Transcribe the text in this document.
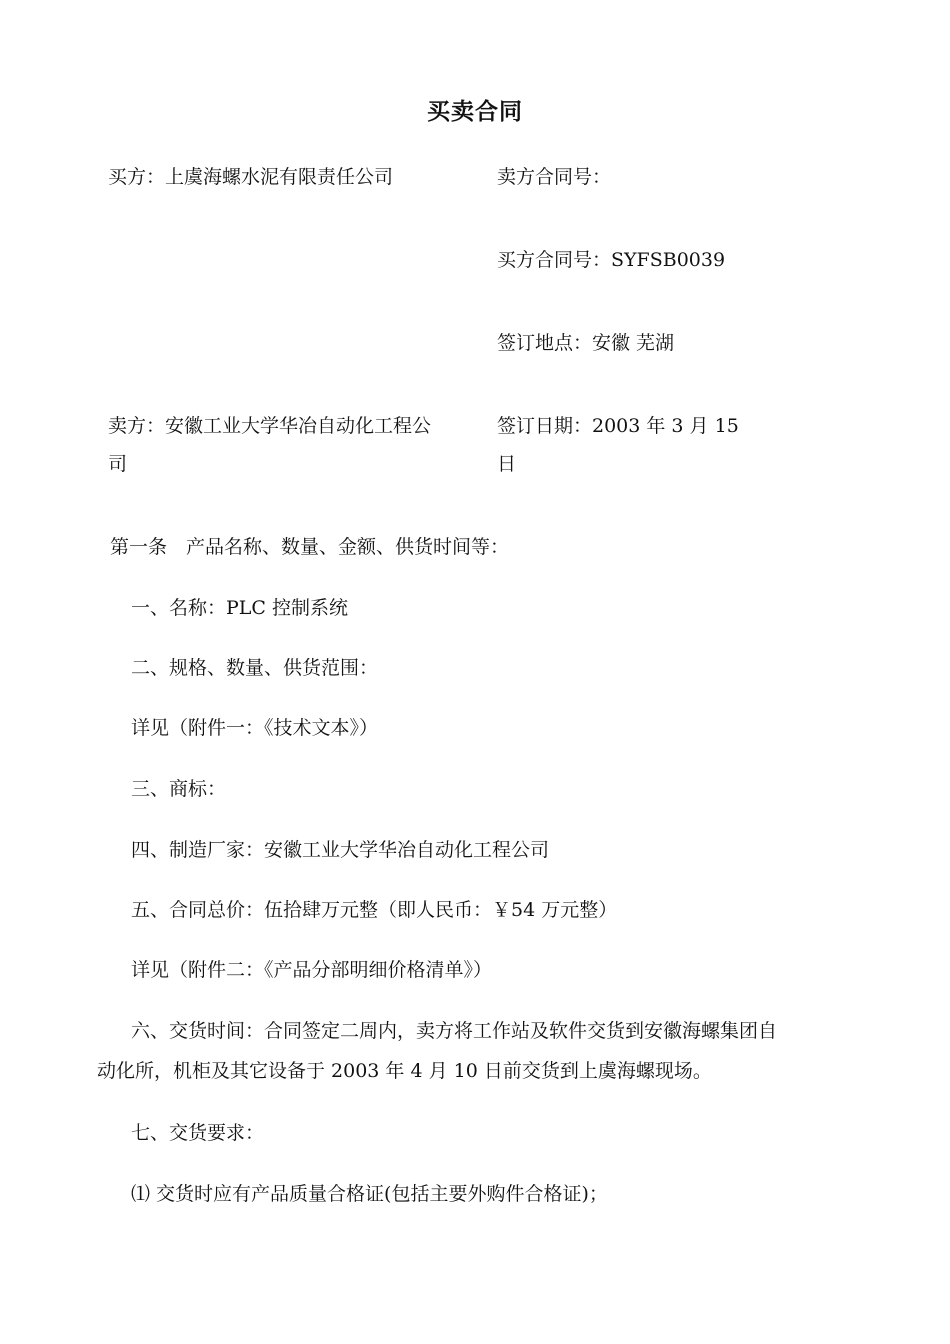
买卖合同
买方：上虞海螺水泥有限责任公司	卖方合同号：
买方合同号：SYFSB0039
签订地点：安徽 芜湖
卖方：安徽工业大学华冶自动化工程公
司
签订日期：2003 年 3 月 15
日
第一条　产品名称、数量、金额、供货时间等：
一、名称：PLC 控制系统
二、规格、数量、供货范围：
详见（附件一：《技术文本》）
三、商标：
四、制造厂家：安徽工业大学华冶自动化工程公司
五、合同总价：伍拾肆万元整（即人民币：￥54 万元整）
详见（附件二：《产品分部明细价格清单》）
六、交货时间：合同签定二周内，卖方将工作站及软件交货到安徽海螺集团自
动化所，机柜及其它设备于 2003 年 4 月 10 日前交货到上虞海螺现场。
七、交货要求：
⑴ 交货时应有产品质量合格证(包括主要外购件合格证)；
